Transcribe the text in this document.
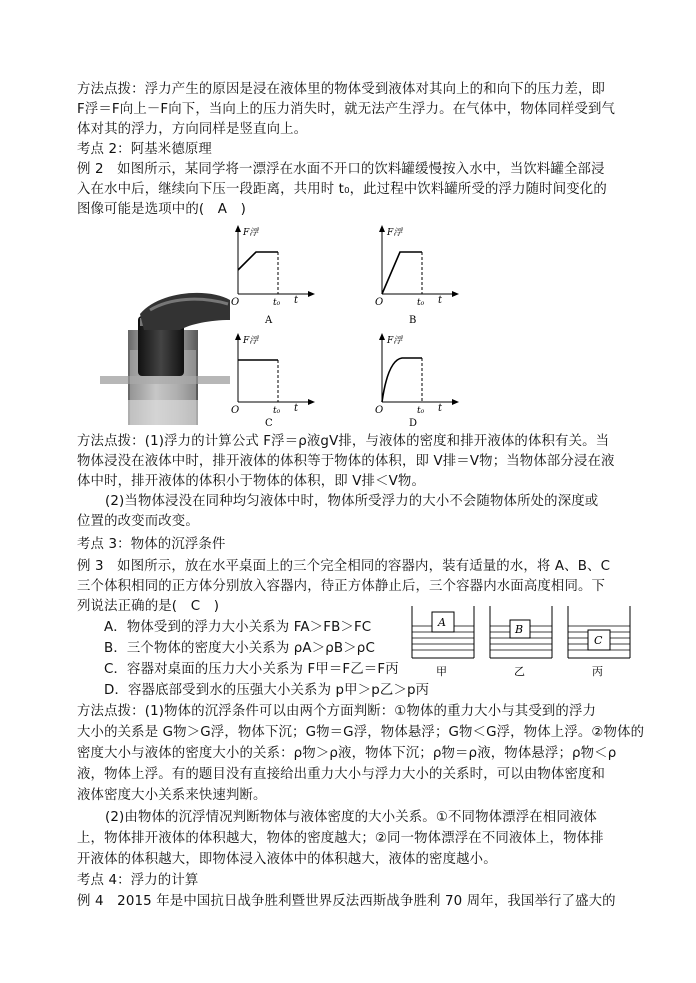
方法点拨：浮力产生的原因是浸在液体里的物体受到液体对其向上的和向下的压力差，即
F浮＝F向上－F向下，当向上的压力消失时，就无法产生浮力。在气体中，物体同样受到气
体对其的浮力，方向同样是竖直向上。
考点 2：阿基米德原理
例 2　如图所示，某同学将一漂浮在水面不开口的饮料罐缓慢按入水中，当饮料罐全部浸
入在水中后，继续向下压一段距离，共用时 t₀，此过程中饮料罐所受的浮力随时间变化的
图像可能是选项中的(　A　)
F浮
O	t₀ t
A
F浮
O	t₀ t
B
F浮
O	t₀ t
C
F浮
O	t₀ t
D
方法点拨：(1)浮力的计算公式 F浮＝ρ液gV排，与液体的密度和排开液体的体积有关。当
物体浸没在液体中时，排开液体的体积等于物体的体积，即 V排＝V物；当物体部分浸在液
体中时，排开液体的体积小于物体的体积，即 V排＜V物。
(2)当物体浸没在同种均匀液体中时，物体所受浮力的大小不会随物体所处的深度或
位置的改变而改变。
考点 3：物体的沉浮条件
例 3　如图所示，放在水平桌面上的三个完全相同的容器内，装有适量的水，将 A、B、C
三个体积相同的正方体分别放入容器内，待正方体静止后，三个容器内水面高度相同。下
列说法正确的是(　C　)
A．物体受到的浮力大小关系为 FA＞FB＞FC
B．三个物体的密度大小关系为 ρA＞ρB＞ρC
C．容器对桌面的压力大小关系为 F甲＝F乙＝F丙
D．容器底部受到水的压强大小关系为 p甲＞p乙＞p丙
A
甲
B
乙
C
丙
方法点拨：(1)物体的沉浮条件可以由两个方面判断：①物体的重力大小与其受到的浮力
大小的关系是 G物＞G浮，物体下沉；G物＝G浮，物体悬浮；G物＜G浮，物体上浮。②物体的
密度大小与液体的密度大小的关系：ρ物＞ρ液，物体下沉；ρ物＝ρ液，物体悬浮；ρ物＜ρ
液，物体上浮。有的题目没有直接给出重力大小与浮力大小的关系时，可以由物体密度和
液体密度大小关系来快速判断。
(2)由物体的沉浮情况判断物体与液体密度的大小关系。①不同物体漂浮在相同液体
上，物体排开液体的体积越大，物体的密度越大；②同一物体漂浮在不同液体上，物体排
开液体的体积越大，即物体浸入液体中的体积越大，液体的密度越小。
考点 4：浮力的计算
例 4　2015 年是中国抗日战争胜利暨世界反法西斯战争胜利 70 周年，我国举行了盛大的
